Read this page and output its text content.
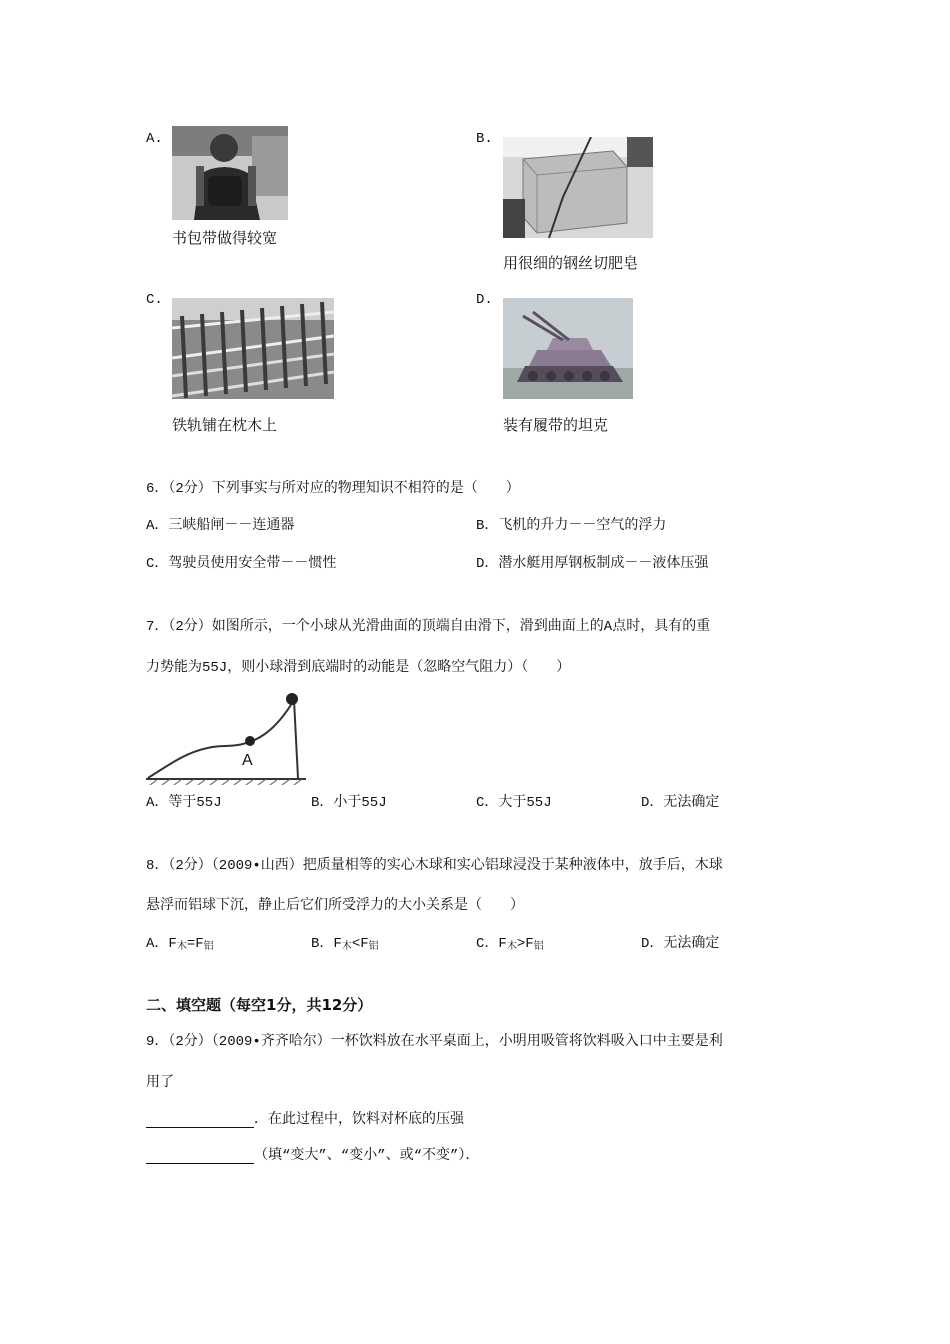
A.
书包带做得较宽
B.
用很细的钢丝切肥皂
C.
铁轨铺在枕木上
D.
装有履带的坦克
6．（2分）下列事实与所对应的物理知识不相符的是（　　）
A．三峡船闸－－连通器	B．飞机的升力－－空气的浮力
C．驾驶员使用安全带－－惯性	D．潜水艇用厚钢板制成－－液体压强
7．（2分）如图所示，一个小球从光滑曲面的顶端自由滑下，滑到曲面上的A点时，具有的重
力势能为55J，则小球滑到底端时的动能是（忽略空气阻力）（　　）
A
A．等于55J	B．小于55J	C．大于55J	D．无法确定
8．（2分）（2009•山西）把质量相等的实心木球和实心铝球浸没于某种液体中，放手后，木球
悬浮而铝球下沉，静止后它们所受浮力的大小关系是（　　）
A．F木=F铝	B．F木<F铝	C．F木>F铝	D．无法确定
二、填空题（每空1分，共12分）
9．（2分）（2009•齐齐哈尔）一杯饮料放在水平桌面上，小明用吸管将饮料吸入口中主要是利
用了
．在此过程中，饮料对杯底的压强
（填“变大”、“变小”、或“不变”）．
